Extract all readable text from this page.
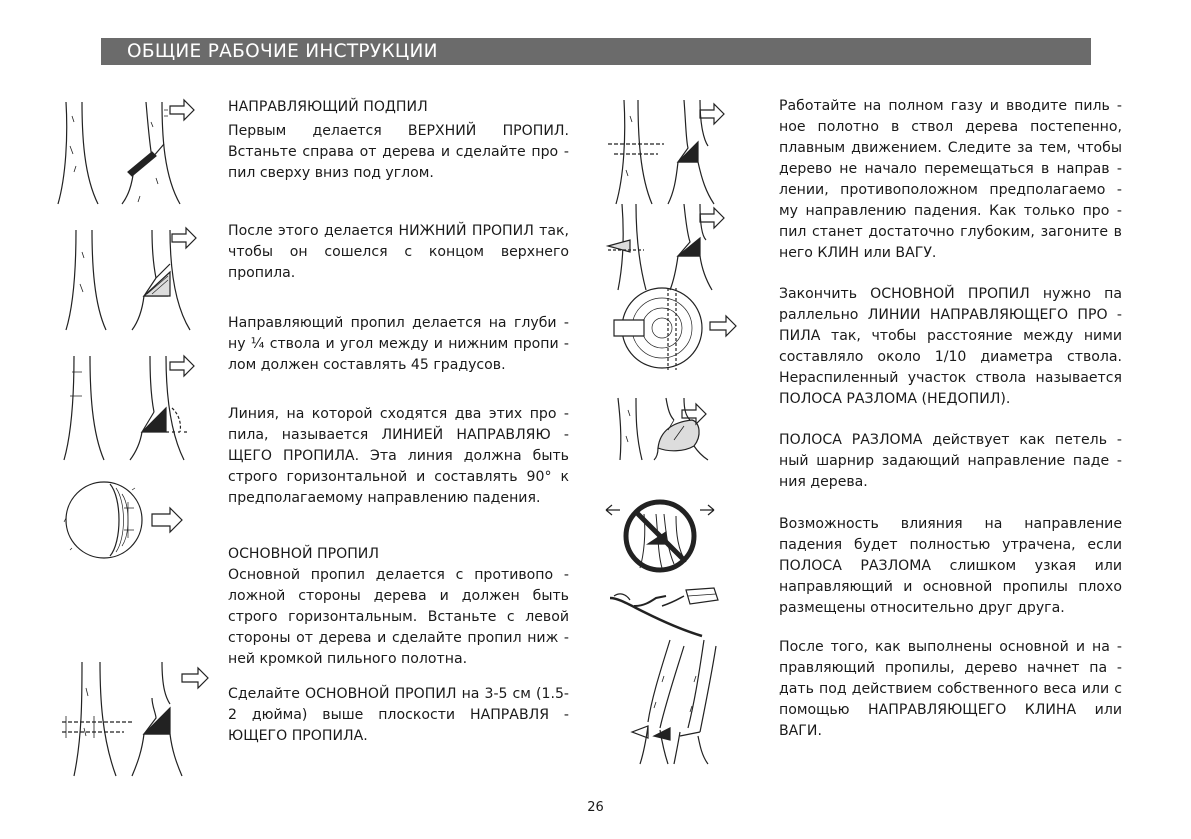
ОБЩИЕ РАБОЧИЕ ИНСТРУКЦИИ

НАПРАВЛЯЮЩИЙ ПОДПИЛ

Первым делается ВЕРХНИЙ ПРОПИЛ. Встаньте справа от дерева и сделайте про - пил сверху вниз под углом.

После этого делается НИЖНИЙ ПРОПИЛ так, чтобы он сошелся с концом верхнего пропила.

Направляющий пропил делается на глуби - ну ¼ ствола и угол между и нижним пропи - лом должен составлять 45 градусов.

Линия, на которой сходятся два этих про - пила, называется ЛИНИЕЙ НАПРАВЛЯЮ - ЩЕГО ПРОПИЛА. Эта линия должна быть строго горизонтальной и составлять 90° к предполагаемому направлению падения.

ОСНОВНОЙ ПРОПИЛ

Основной пропил делается с противопо - ложной стороны дерева и должен быть строго горизонтальным. Встаньте с левой стороны от дерева и сделайте пропил ниж - ней кромкой пильного полотна.

Сделайте ОСНОВНОЙ ПРОПИЛ на 3-5 см (1.5-2 дюйма) выше плоскости НАПРАВЛЯ - ЮЩЕГО ПРОПИЛА.

Работайте на полном газу и вводите пиль - ное полотно в ствол дерева постепенно, плавным движением. Следите за тем, чтобы дерево не начало перемещаться в направ - лении, противоположном предполагаемо - му направлению падения. Как только про - пил станет достаточно глубоким, загоните в него КЛИН или ВАГУ.

Закончить ОСНОВНОЙ ПРОПИЛ нужно па раллельно ЛИНИИ НАПРАВЛЯЮЩЕГО ПРО - ПИЛА так, чтобы расстояние между ними составляло около 1/10 диаметра ствола. Нераспиленный участок ствола называется ПОЛОСА РАЗЛОМА (НЕДОПИЛ).

ПОЛОСА РАЗЛОМА действует как петель - ный шарнир задающий направление паде - ния дерева.

Возможность влияния на направление падения будет полностью утрачена, если ПОЛОСА РАЗЛОМА слишком узкая или направляющий и основной пропилы плохо размещены относительно друг друга.

После того, как выполнены основной и на - правляющий пропилы, дерево начнет па - дать под действием собственного веса или с помощью НАПРАВЛЯЮЩЕГО КЛИНА или ВАГИ.

26
